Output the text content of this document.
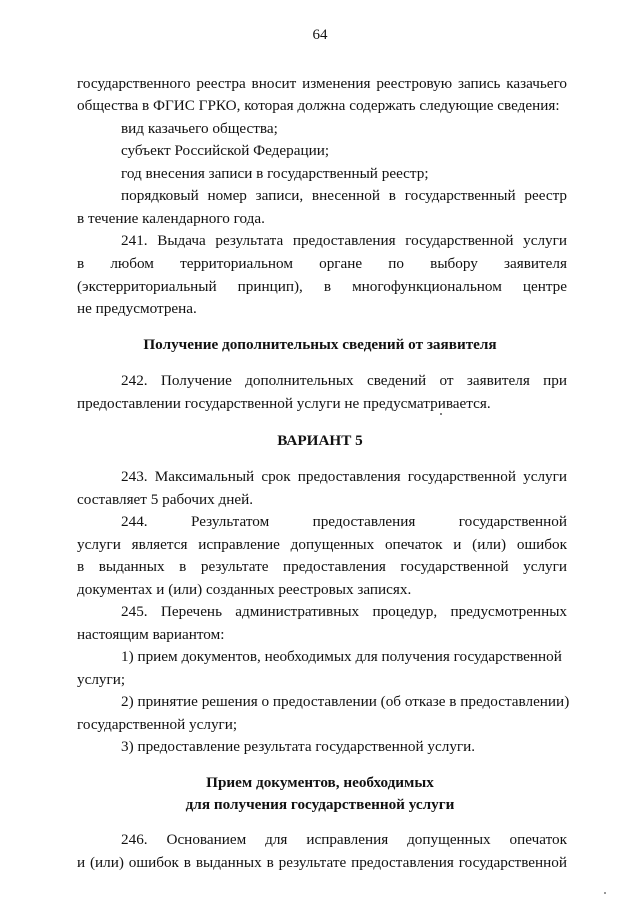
64
государственного реестра вносит изменения реестровую запись казачьего
общества в ФГИС ГРКО, которая должна содержать следующие сведения:
вид казачьего общества;
субъект Российской Федерации;
год внесения записи в государственный реестр;
порядковый номер записи, внесенной в государственный реестр
в течение календарного года.
241. Выдача результата предоставления государственной услуги
в любом территориальном органе по выбору заявителя
(экстерриториальный принцип), в многофункциональном центре
не предусмотрена.
Получение дополнительных сведений от заявителя
242. Получение дополнительных сведений от заявителя при
предоставлении государственной услуги не предусматривается.
ВАРИАНТ 5
243. Максимальный срок предоставления государственной услуги
составляет 5 рабочих дней.
244. Результатом предоставления государственной
услуги является исправление допущенных опечаток и (или) ошибок
в выданных в результате предоставления государственной услуги
документах и (или) созданных реестровых записях.
245. Перечень административных процедур, предусмотренных
настоящим вариантом:
1) прием документов, необходимых для получения государственной
услуги;
2) принятие решения о предоставлении (об отказе в предоставлении)
государственной услуги;
3) предоставление результата государственной услуги.
Прием документов, необходимых
для получения государственной услуги
246. Основанием для исправления допущенных опечаток
и (или) ошибок в выданных в результате предоставления государственной
